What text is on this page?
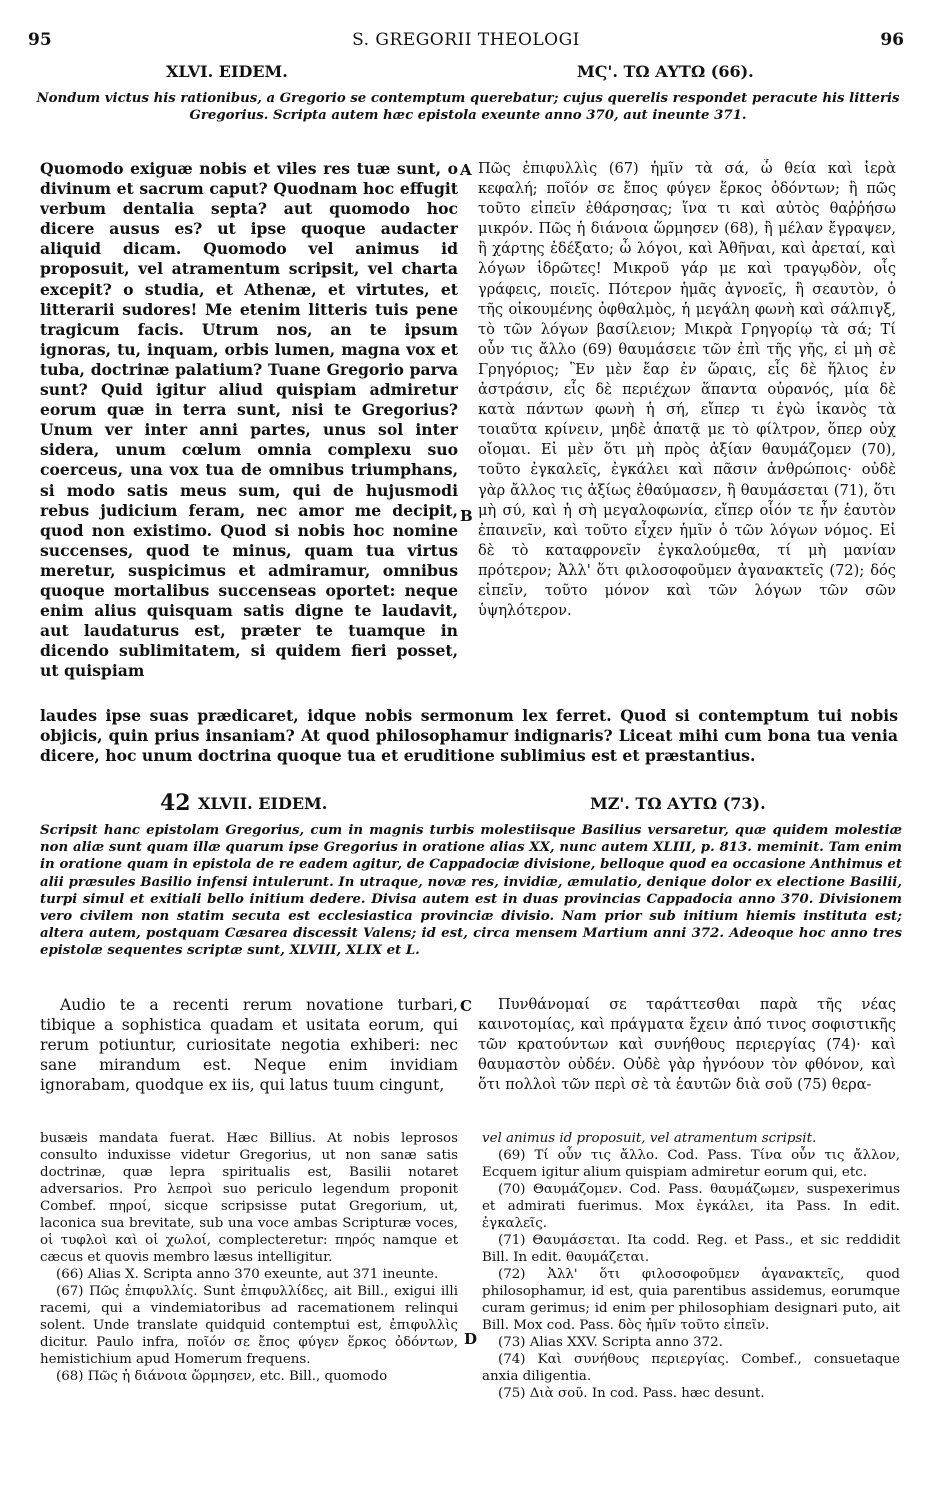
95	S. GREGORII THEOLOGI	96
XLVI. EIDEM.	ΜϚ'. ΤΩ ΑΥΤΩ (66).
Nondum victus his rationibus, a Gregorio se contemptum querebatur; cujus querelis respondet peracute his litteris Gregorius. Scripta autem hæc epistola exeunte anno 370, aut ineunte 371.
Quomodo exiguæ nobis et viles res tuæ sunt, o divinum et sacrum caput? Quodnam hoc effugit verbum dentalia septa? aut quomodo hoc dicere ausus es? ut ipse quoque audacter aliquid dicam. Quomodo vel animus id proposuit, vel atramentum scripsit, vel charta excepit? o studia, et Athenæ, et virtutes, et litterarii sudores! Me etenim litteris tuis pene tragicum facis. Utrum nos, an te ipsum ignoras, tu, inquam, orbis lumen, magna vox et tuba, doctrinæ palatium? Tuane Gregorio parva sunt? Quid igitur aliud quispiam admiretur eorum quæ in terra sunt, nisi te Gregorius? Unum ver inter anni partes, unus sol inter sidera, unum cœlum omnia complexu suo coerceus, una vox tua de omnibus triumphans, si modo satis meus sum, qui de hujusmodi rebus judicium feram, nec amor me decipit, quod non existimo. Quod si nobis hoc nomine succenses, quod te minus, quam tua virtus meretur, suspicimus et admiramur, omnibus quoque mortalibus succenseas oportet: neque enim alius quisquam satis digne te laudavit, aut laudaturus est, præter te tuamque in dicendo sublimitatem, si quidem fieri posset, ut quispiam
A
B
Πῶς ἐπιφυλλὶς (67) ἡμῖν τὰ σά, ὦ θεία καὶ ἱερὰ κεφαλή; ποῖόν σε ἔπος φύγεν ἕρκος ὀδόντων; ἢ πῶς τοῦτο εἰπεῖν ἐθάρσησας; ἵνα τι καὶ αὐτὸς θαῤῥήσω μικρόν. Πῶς ἡ διάνοια ὥρμησεν (68), ἢ μέλαν ἔγραψεν, ἢ χάρτης ἐδέξατο; ὦ λόγοι, καὶ Ἀθῆναι, καὶ ἀρεταί, καὶ λόγων ἱδρῶτες! Μικροῦ γάρ με καὶ τραγῳδὸν, οἷς γράφεις, ποιεῖς. Πότερον ἡμᾶς ἀγνοεῖς, ἢ σεαυτὸν, ὁ τῆς οἰκουμένης ὀφθαλμὸς, ἡ μεγάλη φωνὴ καὶ σάλπιγξ, τὸ τῶν λόγων βασίλειον; Μικρὰ Γρηγορίῳ τὰ σά; Τί οὖν τις ἄλλο (69) θαυμάσειε τῶν ἐπὶ τῆς γῆς, εἰ μὴ σὲ Γρηγόριος; Ἓν μὲν ἔαρ ἐν ὥραις, εἷς δὲ ἥλιος ἐν ἀστράσιν, εἷς δὲ περιέχων ἅπαντα οὐρανός, μία δὲ κατὰ πάντων φωνὴ ἡ σή, εἴπερ τι ἐγὼ ἱκανὸς τὰ τοιαῦτα κρίνειν, μηδὲ ἀπατᾷ με τὸ φίλτρον, ὅπερ οὐχ οἴομαι. Εἰ μὲν ὅτι μὴ πρὸς ἀξίαν θαυμάζομεν (70), τοῦτο ἐγκαλεῖς, ἐγκάλει καὶ πᾶσιν ἀνθρώποις· οὐδὲ γὰρ ἄλλος τις ἀξίως ἐθαύμασεν, ἢ θαυμάσεται (71), ὅτι μὴ σύ, καὶ ἡ σὴ μεγαλοφωνία, εἴπερ οἷόν τε ἦν ἑαυτὸν ἐπαινεῖν, καὶ τοῦτο εἶχεν ἡμῖν ὁ τῶν λόγων νόμος. Εἰ δὲ τὸ καταφρονεῖν ἐγκαλούμεθα, τί μὴ μανίαν πρότερον; Ἀλλ' ὅτι φιλοσοφοῦμεν ἀγανακτεῖς (72); δός εἰπεῖν, τοῦτο μόνον καὶ τῶν λόγων τῶν σῶν ὑψηλότερον.
laudes ipse suas prædicaret, idque nobis sermonum lex ferret. Quod si contemptum tui nobis objicis, quin prius insaniam? At quod philosophamur indignaris? Liceat mihi cum bona tua venia dicere, hoc unum doctrina quoque tua et eruditione sublimius est et præstantius.
42 XLVII. EIDEM.	ΜΖ'. ΤΩ ΑΥΤΩ (73).
Scripsit hanc epistolam Gregorius, cum in magnis turbis molestiisque Basilius versaretur, quæ quidem molestiæ non aliæ sunt quam illæ quarum ipse Gregorius in oratione alias XX, nunc autem XLIII, p. 813. meminit. Tam enim in oratione quam in epistola de re eadem agitur, de Cappadociæ divisione, belloque quod ea occasione Anthimus et alii præsules Basilio infensi intulerunt. In utraque, novæ res, invidiæ, æmulatio, denique dolor ex electione Basilii, turpi simul et exitiali bello initium dedere. Divisa autem est in duas provincias Cappadocia anno 370. Divisionem vero civilem non statim secuta est ecclesiastica provinciæ divisio. Nam prior sub initium hiemis instituta est; altera autem, postquam Cæsarea discessit Valens; id est, circa mensem Martium anni 372. Adeoque hoc anno tres epistolæ sequentes scriptæ sunt, XLVIII, XLIX et L.
Audio te a recenti rerum novatione turbari, tibique a sophistica quadam et usitata eorum, qui rerum potiuntur, curiositate negotia exhiberi: nec sane mirandum est. Neque enim invidiam ignorabam, quodque ex iis, qui latus tuum cingunt,
C	Πυνθάνομαί σε ταράττεσθαι παρὰ τῆς νέας καινοτομίας, καὶ πράγματα ἔχειν ἀπό τινος σοφιστικῆς τῶν κρατούντων καὶ συνήθους περιεργίας (74)· καὶ θαυμαστὸν οὐδέν. Οὐδὲ γὰρ ἠγνόουν τὸν φθόνον, καὶ ὅτι πολλοὶ τῶν περὶ σὲ τὰ ἑαυτῶν διὰ σοῦ (75) θερα-

busæis mandata fuerat. Hæc Billius. At nobis leprosos consulto induxisse videtur Gregorius, ut non sanæ satis doctrinæ, quæ lepra spiritualis est, Basilii notaret adversarios. Pro λεπροὶ suo periculo legendum proponit Combef. πηροί, sicque scripsisse putat Gregorium, ut, laconica sua brevitate, sub una voce ambas Scripturæ voces, οἱ τυφλοὶ καὶ οἱ χωλοί, complecteretur: πηρός namque et cæcus et quovis membro læsus intelligitur.

(66) Alias X. Scripta anno 370 exeunte, aut 371 ineunte.

(67) Πῶς ἐπιφυλλίς. Sunt ἐπιφυλλίδες, ait Bill., exigui illi racemi, qui a vindemiatoribus ad racemationem relinqui solent. Unde translate quidquid contemptui est, ἐπιφυλλὶς dicitur. Paulo infra, ποῖόν σε ἔπος φύγεν ἕρκος ὀδόντων, hemistichium apud Homerum frequens.

(68) Πῶς ἡ διάνοια ὥρμησεν, etc. Bill., quomodo

D

vel animus id proposuit, vel atramentum scripsit.

(69) Τί οὖν τις ἄλλο. Cod. Pass. Τίνα οὖν τις ἄλλον, Ecquem igitur alium quispiam admiretur eorum qui, etc.

(70) Θαυμάζομεν. Cod. Pass. θαυμάζωμεν, suspexerimus et admirati fuerimus. Mox ἐγκάλει, ita Pass. In edit. ἐγκαλεῖς.

(71) Θαυμάσεται. Ita codd. Reg. et Pass., et sic reddidit Bill. In edit. θαυμάζεται.

(72) Ἀλλ' ὅτι φιλοσοφοῦμεν ἀγανακτεῖς, quod philosophamur, id est, quia parentibus assidemus, eorumque curam gerimus; id enim per philosophiam designari puto, ait Bill. Mox cod. Pass. δὸς ἡμῖν τοῦτο εἰπεῖν.

(73) Alias XXV. Scripta anno 372.

(74) Καὶ συνήθους περιεργίας. Combef., consuetaque anxia diligentia.

(75) Διὰ σοῦ. In cod. Pass. hæc desunt.
